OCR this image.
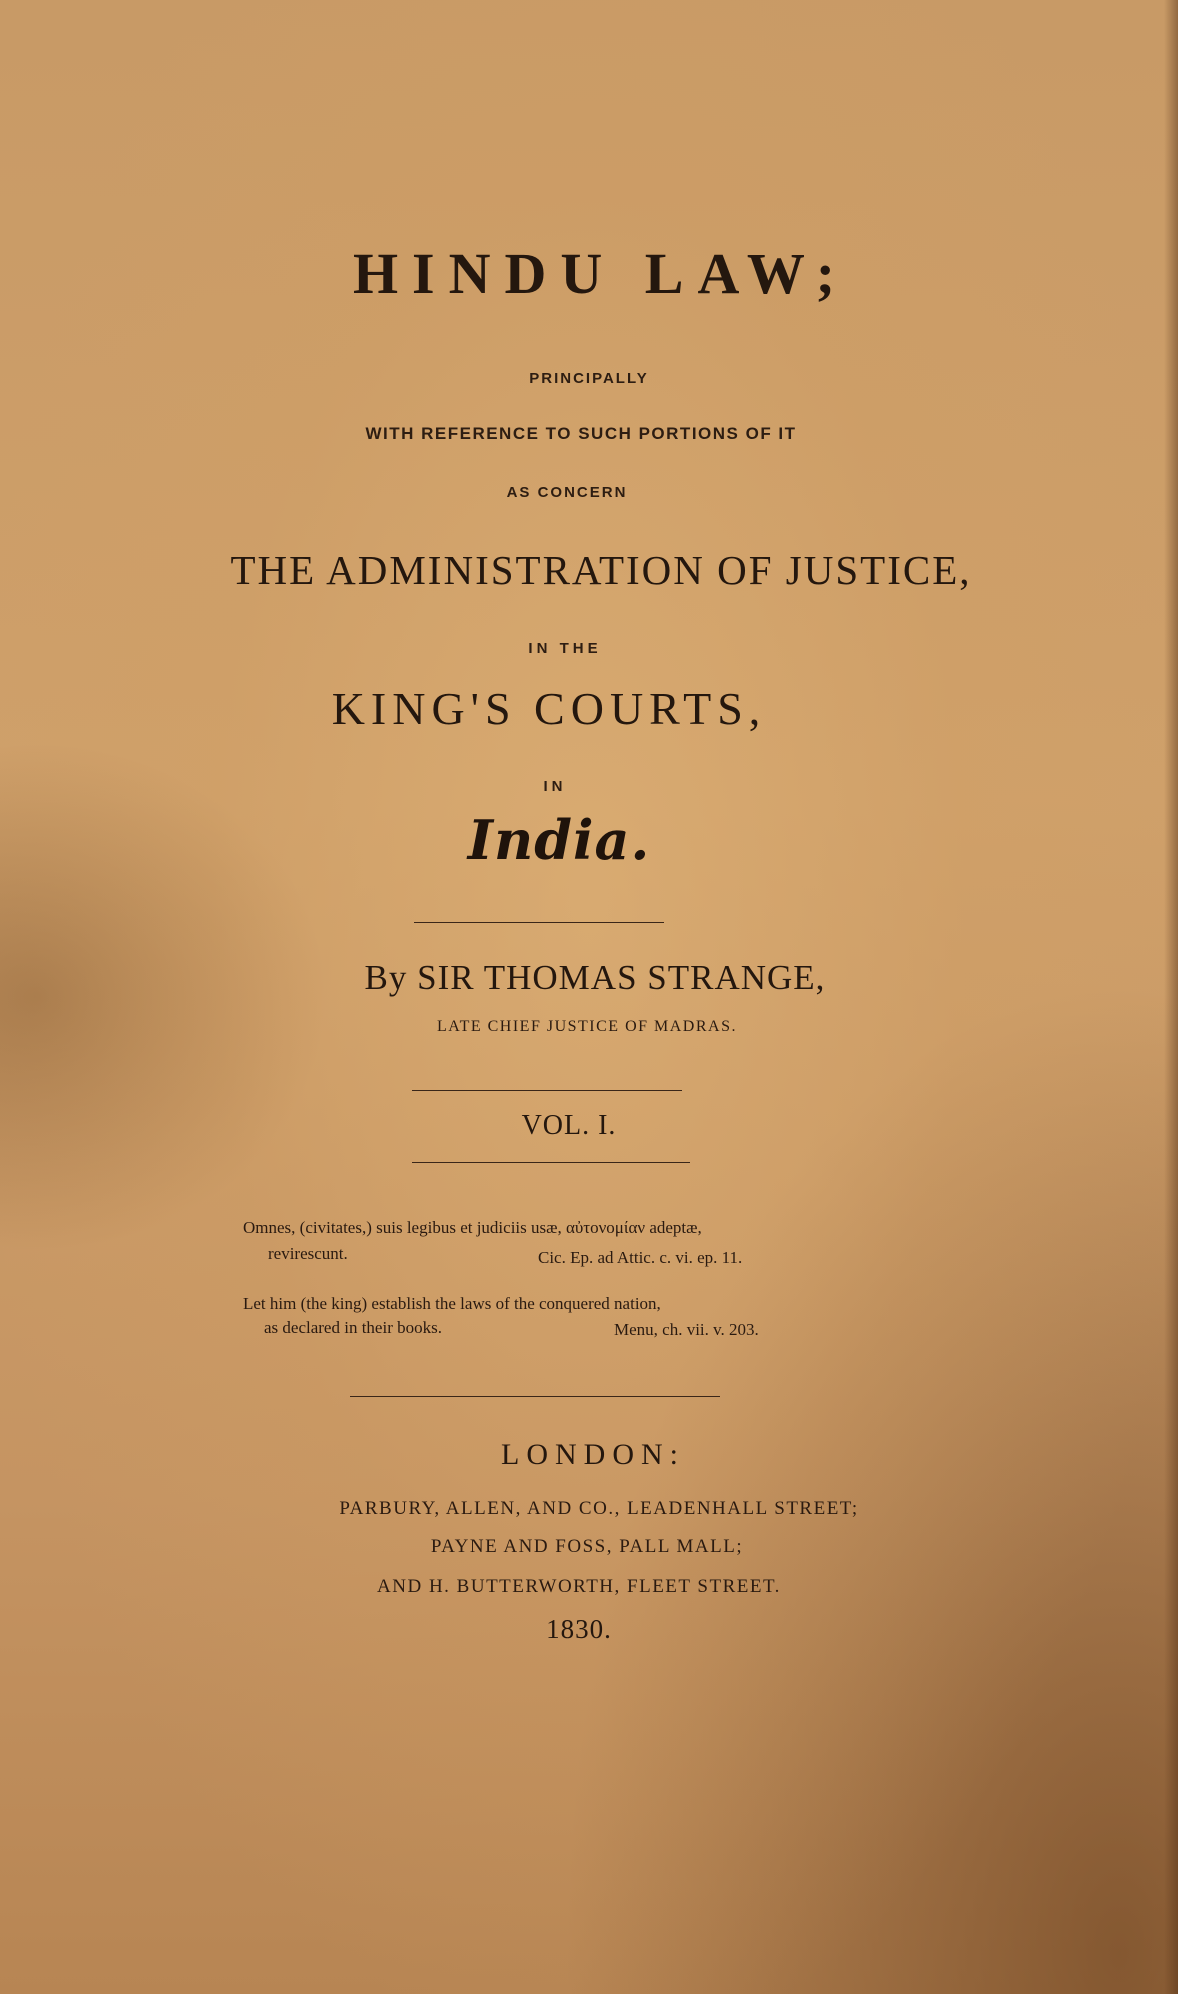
HINDU LAW;
PRINCIPALLY
WITH REFERENCE TO SUCH PORTIONS OF IT
AS CONCERN
THE ADMINISTRATION OF JUSTICE,
IN THE
KING'S COURTS,
IN
India.
By SIR THOMAS STRANGE,
LATE CHIEF JUSTICE OF MADRAS.
VOL. I.
Omnes, (civitates,) suis legibus et judiciis usæ, αὐτονομίαν adeptæ,
revirescunt.	Cic. Ep. ad Attic. c. vi. ep. 11.
Let him (the king) establish the laws of the conquered nation,
as declared in their books.	Menu, ch. vii. v. 203.
LONDON:
PARBURY, ALLEN, AND CO., LEADENHALL STREET;
PAYNE AND FOSS, PALL MALL;
AND H. BUTTERWORTH, FLEET STREET.
1830.
